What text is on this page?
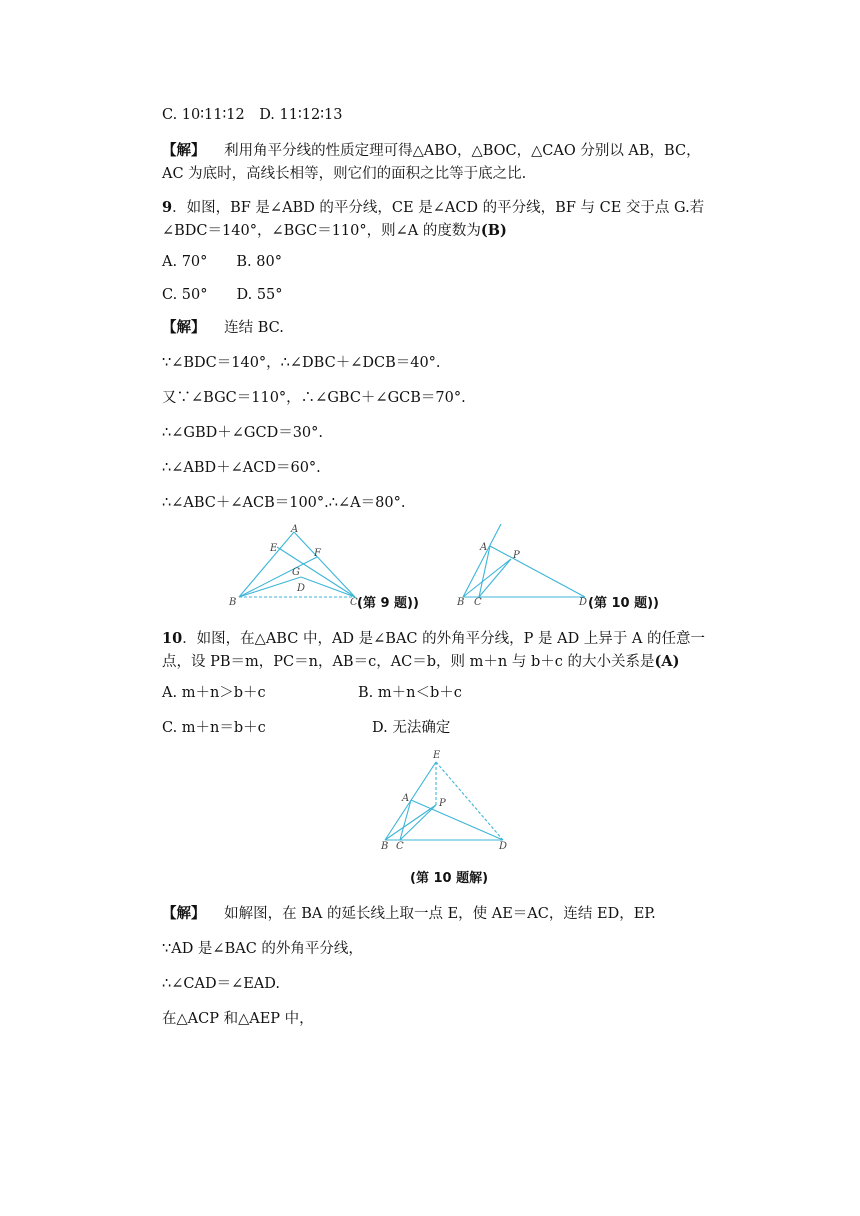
C. 10∶11∶12　D. 11∶12∶13
【解】 利用角平分线的性质定理可得△ABO，△BOC，△CAO 分别以 AB，BC，
AC 为底时，高线长相等，则它们的面积之比等于底之比.
9．如图，BF 是∠ABD 的平分线，CE 是∠ACD 的平分线，BF 与 CE 交于点 G.若
∠BDC＝140°，∠BGC＝110°，则∠A 的度数为(B)
A. 70°　　B. 80°
C. 50°　　D. 55°
【解】 连结 BC.
∵∠BDC＝140°，∴∠DBC＋∠DCB＝40°.
又∵∠BGC＝110°，∴∠GBC＋∠GCB＝70°.
∴∠GBD＋∠GCD＝30°.
∴∠ABD＋∠ACD＝60°.
∴∠ABC＋∠ACB＝100°.∴∠A＝80°.
A
E	F
G
D
B	C (第 9 题))
A
P
B C	D (第 10 题))
10．如图，在△ABC 中，AD 是∠BAC 的外角平分线，P 是 AD 上异于 A 的任意一
点，设 PB＝m，PC＝n，AB＝c，AC＝b，则 m＋n 与 b＋c 的大小关系是(A)
A. m＋n＞b＋c	B. m＋n＜b＋c
C. m＋n＝b＋c	D. 无法确定
E
A	P
B C	D
(第 10 题解)
【解】 如解图，在 BA 的延长线上取一点 E，使 AE＝AC，连结 ED，EP.
∵AD 是∠BAC 的外角平分线，
∴∠CAD＝∠EAD.
在△ACP 和△AEP 中，
